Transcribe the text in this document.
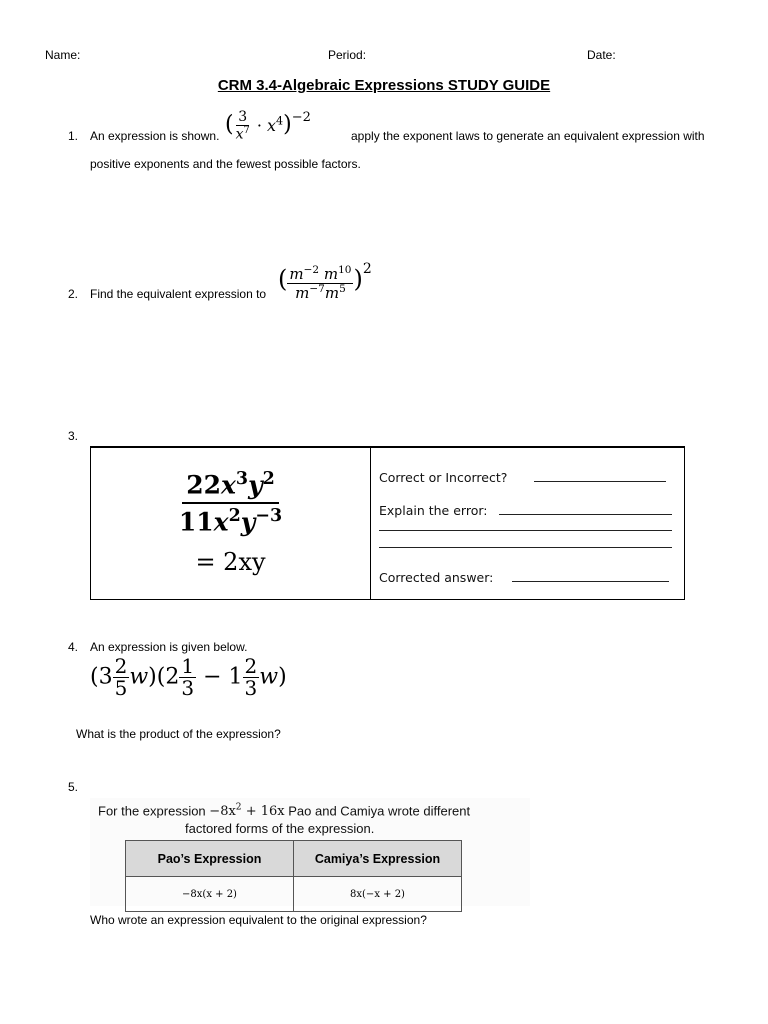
Name:	Period:	Date:
CRM 3.4-Algebraic Expressions STUDY GUIDE
1. An expression is shown. ( $\frac{3}{x^7} \cdot x^4)^{-2}$
apply the exponent laws to generate an equivalent expression with
positive exponents and the fewest possible factors.
2. Find the equivalent expression to
( $\frac{m^{-2} m^{10}}{m^{-7}m^5} )^2$
3.
$\frac{22x^3y^2}{11x^2y^{-3}}$
= 2xy
Correct or Incorrect?
Explain the error:
Corrected answer:
4. An expression is given below.
$(3 \frac{2}{5} w)(2 \frac{1}{3} - 1 \frac{2}{3} w)$
What is the product of the expression?
5.
For the expression $-8x^2 + 16x$ Pao and Camiya wrote different
factored forms of the expression.
Pao’s Expression	Camiya’s Expression
−8x(x + 2)	8x(−x + 2)
Who wrote an expression equivalent to the original expression?
